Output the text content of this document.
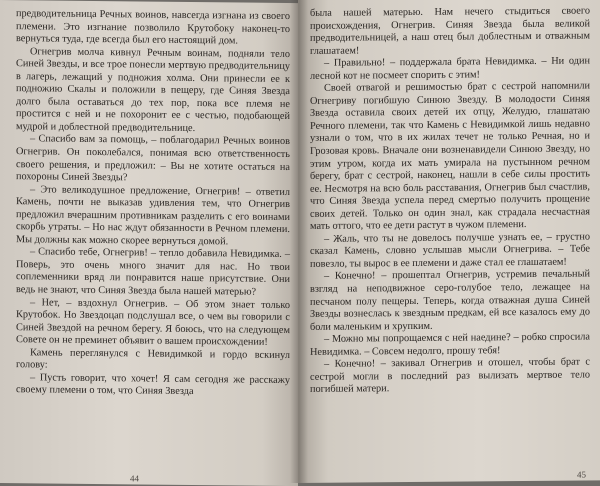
предводительница Речных воинов, навсегда изгнана из своего племени. Это изгнание позволило Крутобоку наконец-то вернуться туда, где всегда был его настоящий дом.

Огнегрив молча кивнул Речным воинам, подняли тело Синей Звезды, и все трое понесли мертвую предводительницу в лагерь, лежащий у подножия холма. Они принесли ее к подножию Скалы и положили в пещеру, где Синяя Звезда долго была оставаться до тех пор, пока все племя не простится с ней и не похоронит ее с честью, подобающей мудрой и доблестной предводительнице.

– Спасибо вам за помощь, – поблагодарил Речных воинов Огнегрив. Он поколебался, понимая всю ответственность своего решения, и предложил: – Вы не хотите остаться на похороны Синей Звезды?

– Это великодушное предложение, Огнегрив! – ответил Камень, почти не выказав удивления тем, что Огнегрив предложил вчерашним противникам разделить с его воинами скорбь утраты. – Но нас ждут обязанности в Речном племени. Мы должны как можно скорее вернуться домой.

– Спасибо тебе, Огнегрив! – тепло добавила Невидимка. – Поверь, это очень много значит для нас. Но твои соплеменники вряд ли понравится наше присутствие. Они ведь не знают, что Синяя Звезда была нашей матерью?

– Нет, – вздохнул Огнегрив. – Об этом знает только Крутобок. Но Звездоцап подслушал все, о чем вы говорили с Синей Звездой на речном берегу. Я боюсь, что на следующем Совете он не преминет объявит о вашем происхождении!

Камень переглянулся с Невидимкой и гордо вскинул голову:

– Пусть говорит, что хочет! Я сам сегодня же расскажу своему племени о том, что Синяя Звезда

44

была нашей матерью. Нам нечего стыдиться своего происхождения, Огнегрив. Синяя Звезда была великой предводительницей, а наш отец был доблестным и отважным глашатаем!

– Правильно! – поддержала брата Невидимка. – Ни один лесной кот не посмеет спорить с этим!

Своей отвагой и решимостью брат с сестрой напомнили Огнегриву погибшую Синюю Звезду. В молодости Синяя Звезда оставила своих детей их отцу, Желудю, глашатаю Речного племени, так что Камень с Невидимкой лишь недавно узнали о том, что в их жилах течет не только Речная, но и Грозовая кровь. Вначале они возненавидели Синюю Звезду, но этим утром, когда их мать умирала на пустынном речном берегу, брат с сестрой, наконец, нашли в себе силы простить ее. Несмотря на всю боль расставания, Огнегрив был счастлив, что Синяя Звезда успела перед смертью получить прощение своих детей. Только он один знал, как страдала несчастная мать оттого, что ее дети растут в чужом племени.

– Жаль, что ты не довелось получше узнать ее, – грустно сказал Камень, словно услышав мысли Огнегрива. – Тебе повезло, ты вырос в ее племени и даже стал ее глашатаем!

– Конечно! – прошептал Огнегрив, устремив печальный взгляд на неподвижное серо-голубое тело, лежащее на песчаном полу пещеры. Теперь, когда отважная душа Синей Звезды вознеслась к звездным предкам, ей все казалось ему до боли маленьким и хрупким.

– Можно мы попрощаемся с ней наедине? – робко спросила Невидимка. – Совсем недолго, прошу тебя!

– Конечно! – закивал Огнегрив и отошел, чтобы брат с сестрой могли в последний раз вылизать мертвое тело погибшей матери.

45
